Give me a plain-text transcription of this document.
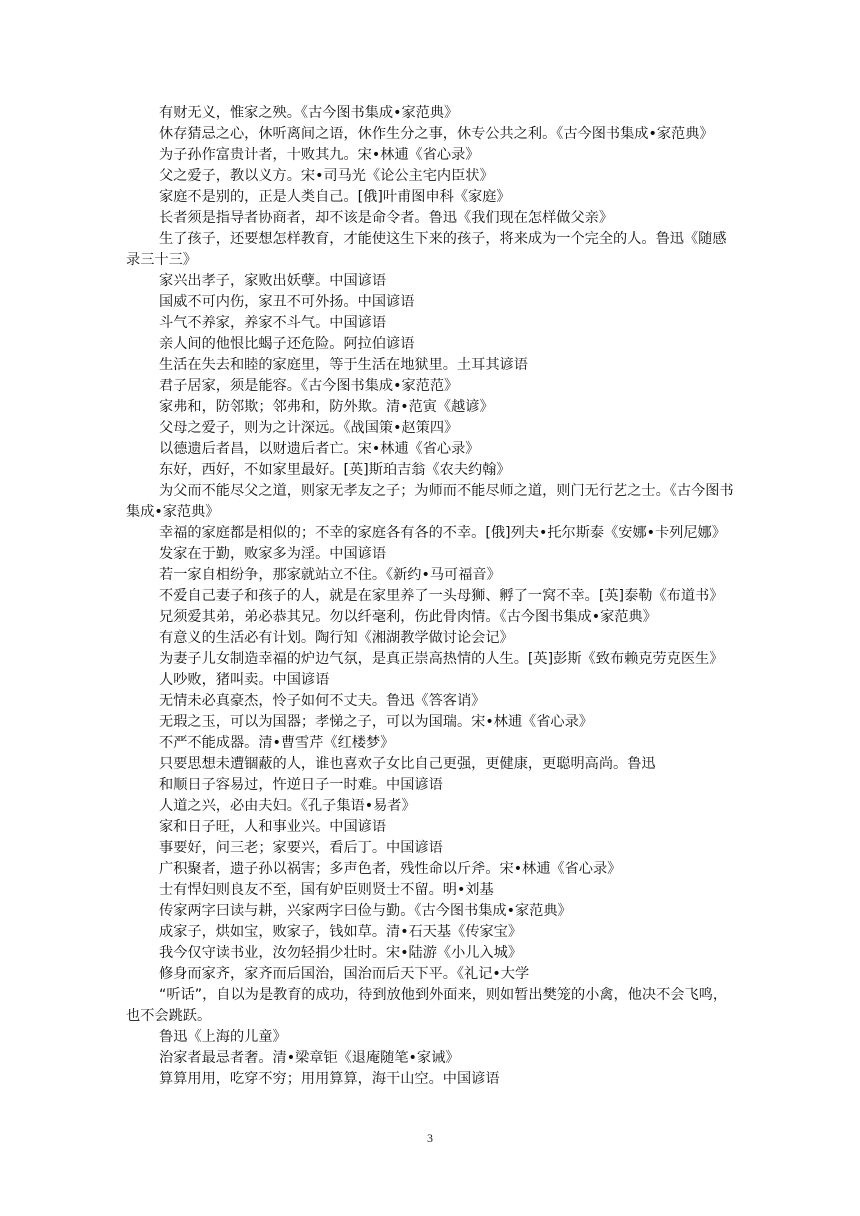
有财无义，惟家之殃。《古今图书集成•家范典》

休存猜忌之心，休听离间之语，休作生分之事，休专公共之利。《古今图书集成•家范典》

为子孙作富贵计者，十败其九。宋•林逋《省心录》

父之爱子，教以义方。宋•司马光《论公主宅内臣状》

家庭不是别的，正是人类自己。[俄]叶甫图申科《家庭》

长者须是指导者协商者，却不该是命令者。鲁迅《我们现在怎样做父亲》

生了孩子，还要想怎样教育，才能使这生下来的孩子，将来成为一个完全的人。鲁迅《随感录三十三》

家兴出孝子，家败出妖孽。中国谚语

国威不可内伤，家丑不可外扬。中国谚语

斗气不养家，养家不斗气。中国谚语

亲人间的他恨比蝎子还危险。阿拉伯谚语

生活在失去和睦的家庭里，等于生活在地狱里。土耳其谚语

君子居家，须是能容。《古今图书集成•家范范》

家弗和，防邻欺；邻弗和，防外欺。清•范寅《越谚》

父母之爱子，则为之计深远。《战国策•赵策四》

以德遗后者昌，以财遗后者亡。宋•林逋《省心录》

东好，西好，不如家里最好。[英]斯珀吉翁《农夫约翰》

为父而不能尽父之道，则家无孝友之子；为师而不能尽师之道，则门无行艺之士。《古今图书集成•家范典》

幸福的家庭都是相似的；不幸的家庭各有各的不幸。[俄]列夫•托尔斯泰《安娜•卡列尼娜》

发家在于勤，败家多为淫。中国谚语

若一家自相纷争，那家就站立不住。《新约•马可福音》

不爱自己妻子和孩子的人，就是在家里养了一头母狮、孵了一窝不幸。[英]泰勒《布道书》

兄须爱其弟，弟必恭其兄。勿以纤毫利，伤此骨肉情。《古今图书集成•家范典》

有意义的生活必有计划。陶行知《湘湖教学做讨论会记》

为妻子儿女制造幸福的炉边气氛，是真正崇高热情的人生。[英]彭斯《致布赖克劳克医生》

人吵败，猪叫卖。中国谚语

无情未必真豪杰，怜子如何不丈夫。鲁迅《答客诮》

无瑕之玉，可以为国器；孝悌之子，可以为国瑞。宋•林逋《省心录》

不严不能成器。清•曹雪芹《红楼梦》

只要思想未遭锢蔽的人，谁也喜欢子女比自己更强，更健康，更聪明高尚。鲁迅

和顺日子容易过，忤逆日子一时难。中国谚语

人道之兴，必由夫妇。《孔子集语•易者》

家和日子旺，人和事业兴。中国谚语

事要好，问三老；家要兴，看后丁。中国谚语

广积聚者，遗子孙以祸害；多声色者，残性命以斤斧。宋•林逋《省心录》

士有悍妇则良友不至，国有妒臣则贤士不留。明•刘基

传家两字曰读与耕，兴家两字曰俭与勤。《古今图书集成•家范典》

成家子，烘如宝，败家子，钱如草。清•石天基《传家宝》

我今仅守读书业，汝勿轻捐少壮时。宋•陆游《小儿入城》

修身而家齐，家齐而后国治，国治而后天下平。《礼记•大学

“听话”，自以为是教育的成功，待到放他到外面来，则如暂出樊笼的小禽，他决不会飞鸣，也不会跳跃。

鲁迅《上海的儿童》

治家者最忌者奢。清•梁章钜《退庵随笔•家诫》

算算用用，吃穿不穷；用用算算，海干山空。中国谚语

3
